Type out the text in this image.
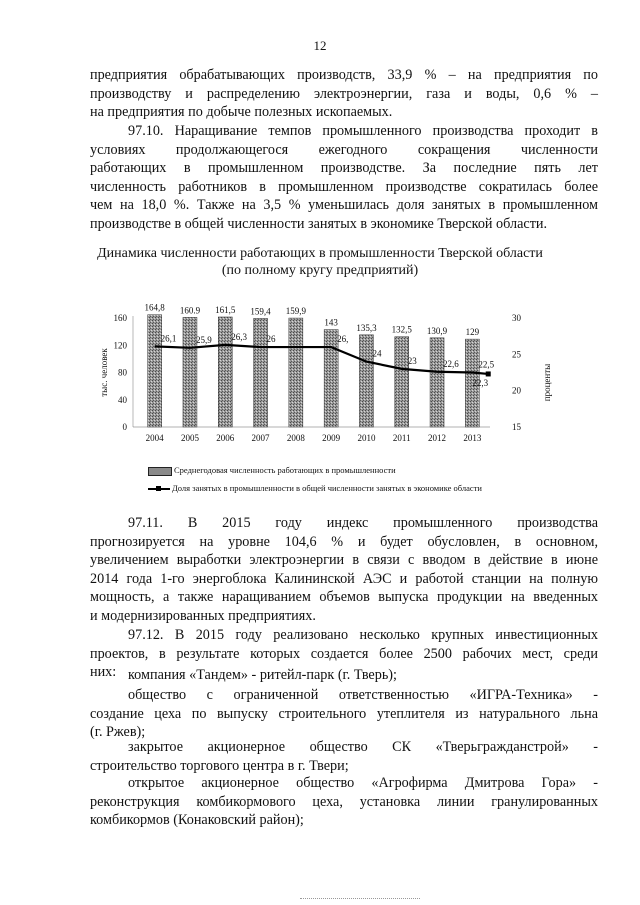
12

предприятия обрабатывающих производств, 33,9 % – на предприятия по
производству и распределению электроэнергии, газа и воды, 0,6 % –
на предприятия по добыче полезных ископаемых.

97.10. Наращивание темпов промышленного производства проходит в
условиях продолжающегося ежегодного сокращения численности
работающих в промышленном производстве. За последние пять лет
численность работников в промышленном производстве сократилась более
чем на 18,0 %. Также на 3,5 % уменьшилась доля занятых в промышленном
производстве в общей численности занятых в экономике Тверской области.

Динамика численности работающих в промышленности Тверской области
(по полному кругу предприятий)
0
40
80
120
160
15
20
25
30
тыс. человек	проценты
164,8 160.9 161,5 159,4 159,9
143
135,3 132,5 130,9 129
2004 2005 2006 2007 2008 2009 2010 2011 2012 2013
26,1 25,9 26,3 26	26,
24
23	22,6 22,5
22,3
Среднегодовая численность работающих в промышленности
Доля занятых в промышленности в общей численности занятых в экономике области

97.11. В 2015 году индекс промышленного производства
прогнозируется на уровне 104,6 % и будет обусловлен, в основном,
увеличением выработки электроэнергии в связи с вводом в действие в июне
2014 года 1-го энергоблока Калининской АЭС и работой станции на полную
мощность, а также наращиванием объемов выпуска продукции на введенных
и модернизированных предприятиях.

97.12. В 2015 году реализовано несколько крупных инвестиционных
проектов, в результате которых создается более 2500 рабочих мест, среди
них: компания «Тандем» - ритейл-парк (г. Тверь);

общество с ограниченной ответственностью «ИГРА-Техника» -
создание цеха по выпуску строительного утеплителя из натурального льна
(г. Ржев);

закрытое акционерное общество СК «Тверьгражданстрой» -
строительство торгового центра в г. Твери;

открытое акционерное общество «Агрофирма Дмитрова Гора» -
реконструкция комбикормового цеха, установка линии гранулированных
комбикормов (Конаковский район);
